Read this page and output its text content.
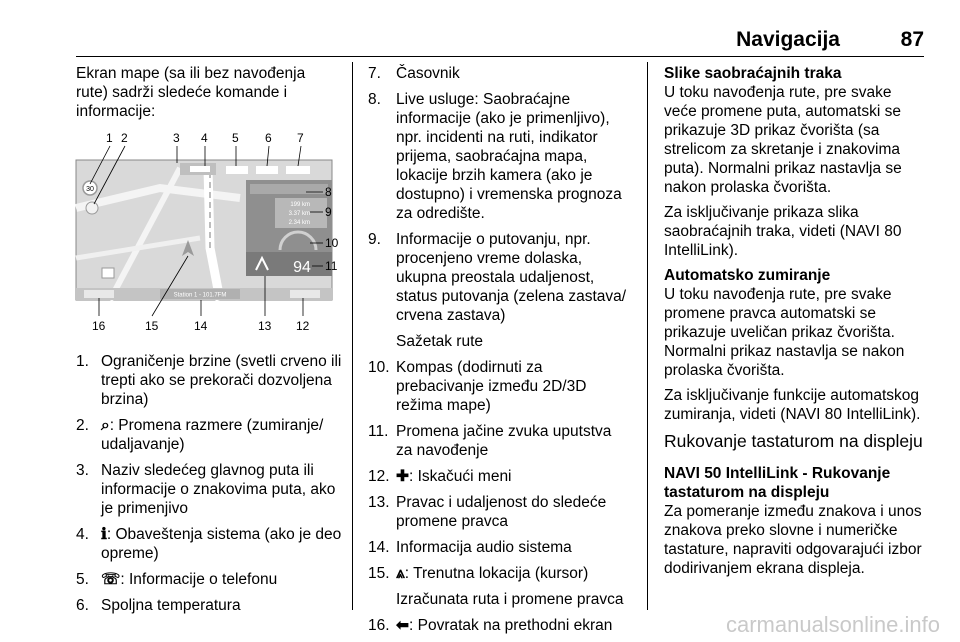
Navigacija	87

Ekran mape (sa ili bez navođenja rute) sadrži sledeće komande i informacije:

30
199 km
3.37 km
2.34 km
94
Station 1 - 101.7FM
1 2	3 4 5 6 7
8
9
10
11
16	15	14	13 12
1. Ograničenje brzine (svetli crveno ili trepti ako se prekorači dozvoljena brzina)
2. ⌕: Promena razmere (zumiranje/ udaljavanje)
3. Naziv sledećeg glavnog puta ili informacije o znakovima puta, ako je primenjivo
4. ℹ: Obaveštenja sistema (ako je deo opreme)
5. ☏: Informacije o telefonu
6. Spoljna temperatura
7. Časovnik
8. Live usluge: Saobraćajne informacije (ako je primenljivo), npr. incidenti na ruti, indikator prijema, saobraćajna mapa, lokacije brzih kamera (ako je dostupno) i vremenska prognoza za odredište.
9. Informacije o putovanju, npr. procenjeno vreme dolaska, ukupna preostala udaljenost, status putovanja (zelena zastava/ crvena zastava)
Sažetak rute
10. Kompas (dodirnuti za prebacivanje između 2D/3D režima mape)
11. Promena jačine zvuka uputstva za navođenje
12. ✚: Iskačući meni
13. Pravac i udaljenost do sledeće promene pravca
14. Informacija audio sistema
15. ⩓: Trenutna lokacija (kursor)
Izračunata ruta i promene pravca
16. ⬅: Povratak na prethodni ekran
Slike saobraćajnih traka

U toku navođenja rute, pre svake veće promene puta, automatski se prikazuje 3D prikaz čvorišta (sa strelicom za skretanje i znakovima puta). Normalni prikaz nastavlja se nakon prolaska čvorišta.

Za isključivanje prikaza slika saobraćajnih traka, videti (NAVI 80 IntelliLink).

Automatsko zumiranje

U toku navođenja rute, pre svake promene pravca automatski se prikazuje uveličan prikaz čvorišta. Normalni prikaz nastavlja se nakon prolaska čvorišta.

Za isključivanje funkcije automatskog zumiranja, videti (NAVI 80 IntelliLink).

Rukovanje tastaturom na displeju
NAVI 50 IntelliLink - Rukovanje tastaturom na displeju

Za pomeranje između znakova i unos znakova preko slovne i numeričke tastature, napraviti odgovarajući izbor dodirivanjem ekrana displeja.

carmanualsonline.info
